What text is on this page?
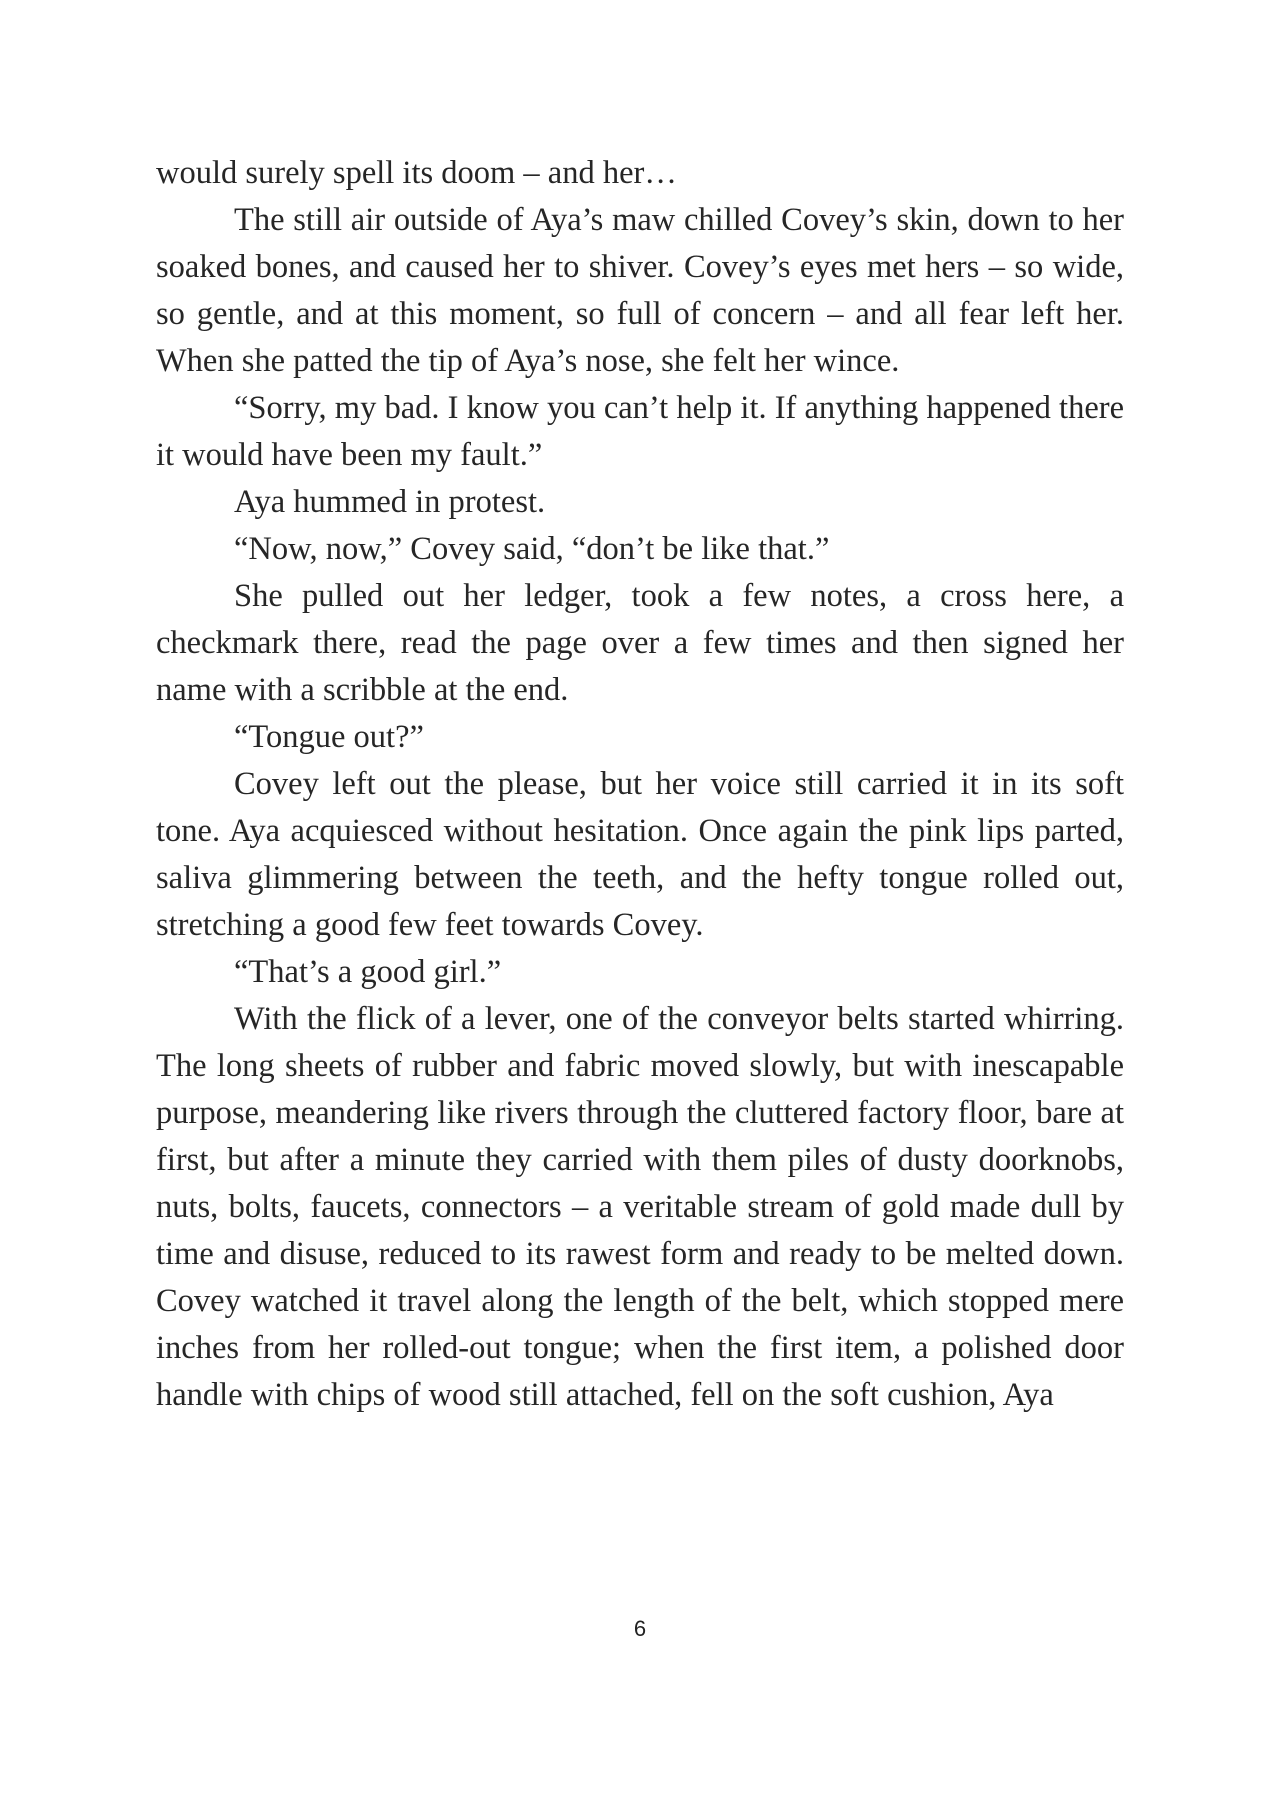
would surely spell its doom – and her…

The still air outside of Aya’s maw chilled Covey’s skin, down to her soaked bones, and caused her to shiver. Covey’s eyes met hers – so wide, so gentle, and at this moment, so full of concern – and all fear left her. When she patted the tip of Aya’s nose, she felt her wince.

“Sorry, my bad. I know you can’t help it. If anything happened there it would have been my fault.”

Aya hummed in protest.

“Now, now,” Covey said, “don’t be like that.”

She pulled out her ledger, took a few notes, a cross here, a checkmark there, read the page over a few times and then signed her name with a scribble at the end.

“Tongue out?”

Covey left out the please, but her voice still carried it in its soft tone. Aya acquiesced without hesitation. Once again the pink lips parted, saliva glimmering between the teeth, and the hefty tongue rolled out, stretching a good few feet towards Covey.

“That’s a good girl.”

With the flick of a lever, one of the conveyor belts started whirring. The long sheets of rubber and fabric moved slowly, but with inescapable purpose, meandering like rivers through the cluttered factory floor, bare at first, but after a minute they carried with them piles of dusty doorknobs, nuts, bolts, faucets, connectors – a veritable stream of gold made dull by time and disuse, reduced to its rawest form and ready to be melted down. Covey watched it travel along the length of the belt, which stopped mere inches from her rolled-out tongue; when the first item, a polished door handle with chips of wood still attached, fell on the soft cushion, Aya

6
